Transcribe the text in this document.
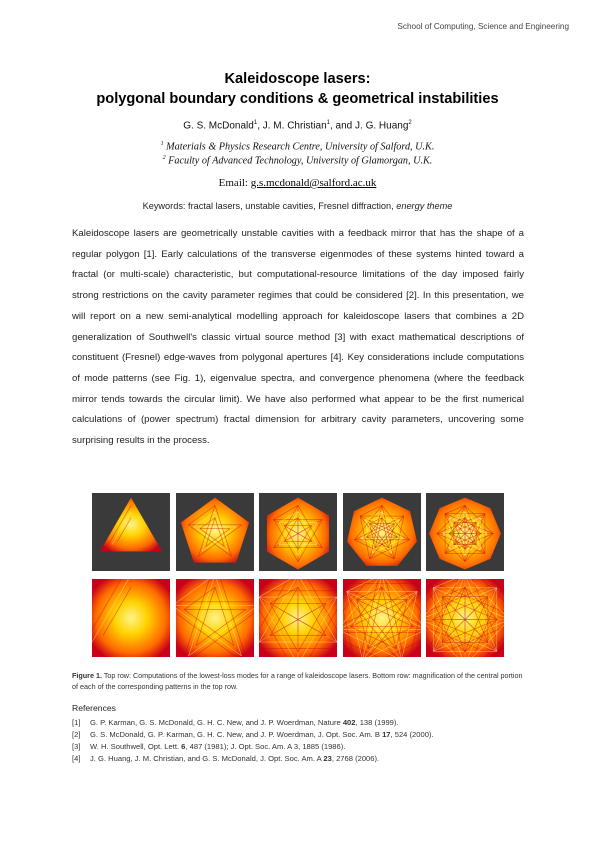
School of Computing, Science and Engineering
Kaleidoscope lasers:
polygonal boundary conditions & geometrical instabilities
G. S. McDonald$^1$, J. M. Christian$^1$, and J. G. Huang$^2$
$^1$ Materials & Physics Research Centre, University of Salford, U.K.
$^2$ Faculty of Advanced Technology, University of Glamorgan, U.K.
Email: g.s.mcdonald@salford.ac.uk
Keywords: fractal lasers, unstable cavities, Fresnel diffraction, energy theme
Kaleidoscope lasers are geometrically unstable cavities with a feedback mirror that has the shape of a regular polygon [1]. Early calculations of the transverse eigenmodes of these systems hinted toward a fractal (or multi-scale) characteristic, but computational-resource limitations of the day imposed fairly strong restrictions on the cavity parameter regimes that could be considered [2]. In this presentation, we will report on a new semi-analytical modelling approach for kaleidoscope lasers that combines a 2D generalization of Southwell's classic virtual source method [3] with exact mathematical descriptions of constituent (Fresnel) edge-waves from polygonal apertures [4]. Key considerations include computations of mode patterns (see Fig. 1), eigenvalue spectra, and convergence phenomena (where the feedback mirror tends towards the circular limit). We have also performed what appear to be the first numerical calculations of (power spectrum) fractal dimension for arbitrary cavity parameters, uncovering some surprising results in the process.
Figure 1. Top row: Computations of the lowest-loss modes for a range of kaleidoscope lasers. Bottom row: magnification of the central portion of each of the corresponding patterns in the top row.
References
[1]	G. P. Karman, G. S. McDonald, G. H. C. New, and J. P. Woerdman, Nature 402, 138 (1999).
[2]	G. S. McDonald, G. P. Karman, G. H. C. New, and J. P. Woerdman, J. Opt. Soc. Am. B 17, 524 (2000).
[3]	W. H. Southwell, Opt. Lett. 6, 487 (1981); J. Opt. Soc. Am. A 3, 1885 (1986).
[4]	J. G. Huang, J. M. Christian, and G. S. McDonald, J. Opt. Soc. Am. A 23, 2768 (2006).
